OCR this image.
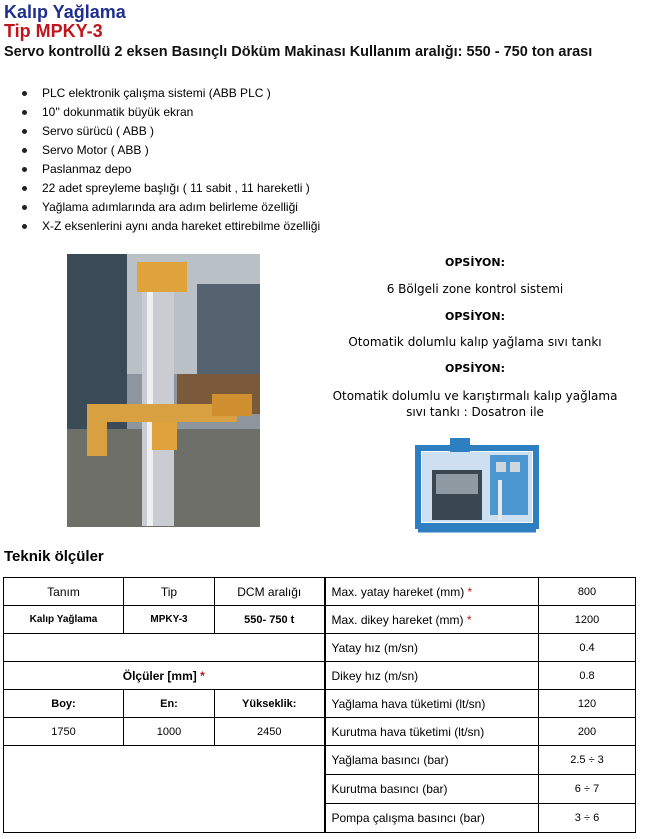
Kalıp Yağlama
Tip MPKY-3
Servo kontrollü 2 eksen Basınçlı Döküm Makinası Kullanım aralığı: 550 - 750 ton arası
PLC elektronik çalışma sistemi (ABB PLC )
10'' dokunmatik büyük ekran
Servo sürücü ( ABB )
Servo Motor ( ABB )
Paslanmaz depo
22 adet spreyleme başlığı ( 11 sabit , 11 hareketli )
Yağlama adımlarında ara adım belirleme özelliği
X-Z eksenlerini aynı anda hareket ettirebilme özelliği
OPSİYON:
6 Bölgeli zone kontrol sistemi
OPSİYON:
Otomatik dolumlu kalıp yağlama sıvı tankı
OPSİYON:
Otomatik dolumlu ve karıştırmalı kalıp yağlama
sıvı tankı : Dosatron ile
Teknik ölçüler
Tanım	Tip	DCM aralığı	Max. yatay hareket (mm) *	800
Kalıp Yağlama	MPKY-3	550- 750 t	Max. dikey hareket (mm) *	1200
			Yatay hız (m/sn)	0.4
Ölçüler [mm] *			Dikey hız (m/sn)	0.8
Boy:	En:	Yükseklik:	Yağlama hava tüketimi (lt/sn)	120
1750	1000	2450	Kurutma hava tüketimi (lt/sn)	200
			Yağlama basıncı (bar)	2.5 ÷ 3
			Kurutma basıncı (bar)	6 ÷ 7
			Pompa çalışma basıncı (bar)	3 ÷ 6
